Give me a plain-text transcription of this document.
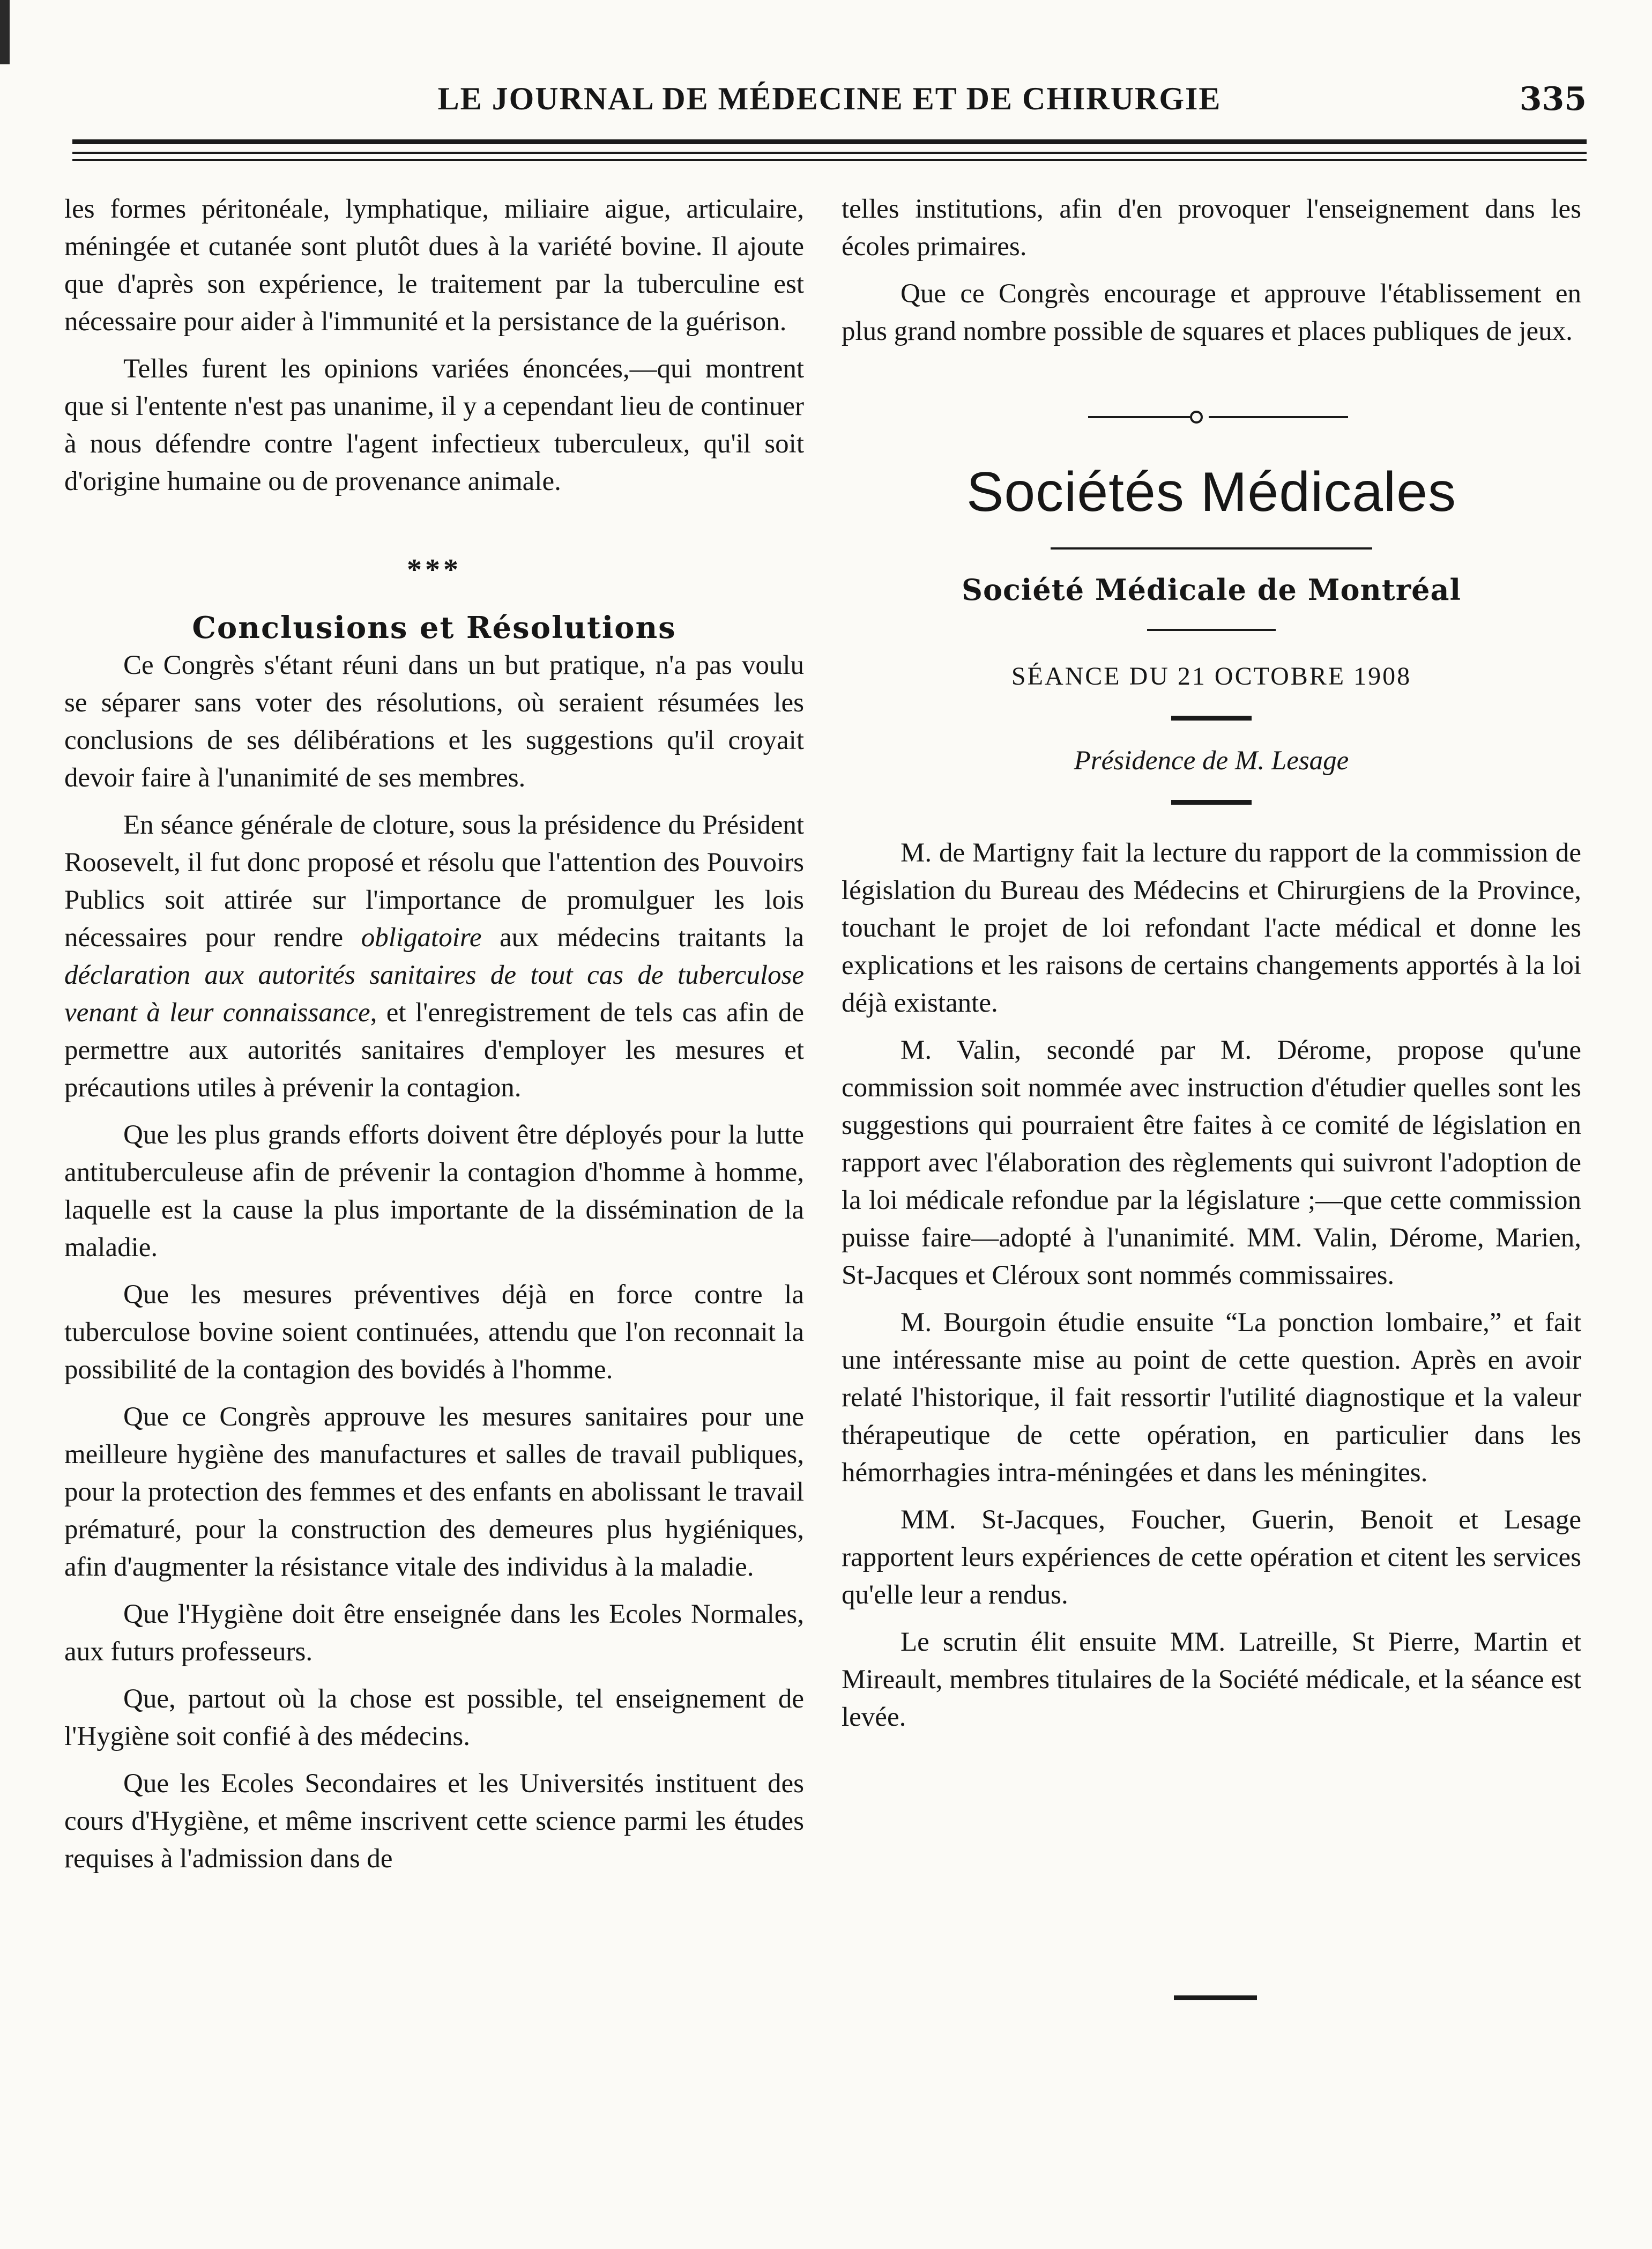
LE JOURNAL DE MÉDECINE ET DE CHIRURGIE	335

les formes péritonéale, lymphatique, miliaire aigue, articulaire, méningée et cutanée sont plutôt dues à la variété bovine. Il ajoute que d'après son expérience, le traitement par la tuberculine est nécessaire pour aider à l'immunité et la persistance de la guérison.

Telles furent les opinions variées énoncées,—qui montrent que si l'entente n'est pas unanime, il y a cependant lieu de continuer à nous défendre contre l'agent infectieux tuberculeux, qu'il soit d'origine humaine ou de provenance animale.

***
Conclusions et Résolutions

Ce Congrès s'étant réuni dans un but pratique, n'a pas voulu se séparer sans voter des résolutions, où seraient résumées les conclusions de ses délibérations et les suggestions qu'il croyait devoir faire à l'unanimité de ses membres.

En séance générale de cloture, sous la présidence du Président Roosevelt, il fut donc proposé et résolu que l'attention des Pouvoirs Publics soit attirée sur l'importance de promulguer les lois nécessaires pour rendre obligatoire aux médecins traitants la déclaration aux autorités sanitaires de tout cas de tuberculose venant à leur connaissance, et l'enregistrement de tels cas afin de permettre aux autorités sanitaires d'employer les mesures et précautions utiles à prévenir la contagion.

Que les plus grands efforts doivent être déployés pour la lutte antituberculeuse afin de prévenir la contagion d'homme à homme, laquelle est la cause la plus importante de la dissémination de la maladie.

Que les mesures préventives déjà en force contre la tuberculose bovine soient continuées, attendu que l'on reconnait la possibilité de la contagion des bovidés à l'homme.

Que ce Congrès approuve les mesures sanitaires pour une meilleure hygiène des manufactures et salles de travail publiques, pour la protection des femmes et des enfants en abolissant le travail prématuré, pour la construction des demeures plus hygiéniques, afin d'augmenter la résistance vitale des individus à la maladie.

Que l'Hygiène doit être enseignée dans les Ecoles Normales, aux futurs professeurs.

Que, partout où la chose est possible, tel enseignement de l'Hygiène soit confié à des médecins.

Que les Ecoles Secondaires et les Universités instituent des cours d'Hygiène, et même inscrivent cette science parmi les études requises à l'admission dans de

telles institutions, afin d'en provoquer l'enseignement dans les écoles primaires.

Que ce Congrès encourage et approuve l'établissement en plus grand nombre possible de squares et places publiques de jeux.

Sociétés Médicales
Société Médicale de Montréal
SÉANCE DU 21 OCTOBRE 1908
Présidence de M. Lesage

M. de Martigny fait la lecture du rapport de la commission de législation du Bureau des Médecins et Chirurgiens de la Province, touchant le projet de loi refondant l'acte médical et donne les explications et les raisons de certains changements apportés à la loi déjà existante.

M. Valin, secondé par M. Dérome, propose qu'une commission soit nommée avec instruction d'étudier quelles sont les suggestions qui pourraient être faites à ce comité de législation en rapport avec l'élaboration des règlements qui suivront l'adoption de la loi médicale refondue par la législature ;—que cette commission puisse faire—adopté à l'unanimité. MM. Valin, Dérome, Marien, St-Jacques et Cléroux sont nommés commissaires.

M. Bourgoin étudie ensuite “La ponction lombaire,” et fait une intéressante mise au point de cette question. Après en avoir relaté l'historique, il fait ressortir l'utilité diagnostique et la valeur thérapeutique de cette opération, en particulier dans les hémorrhagies intra-méningées et dans les méningites.

MM. St-Jacques, Foucher, Guerin, Benoit et Lesage rapportent leurs expériences de cette opération et citent les services qu'elle leur a rendus.

Le scrutin élit ensuite MM. Latreille, St Pierre, Martin et Mireault, membres titulaires de la Société médicale, et la séance est levée.
